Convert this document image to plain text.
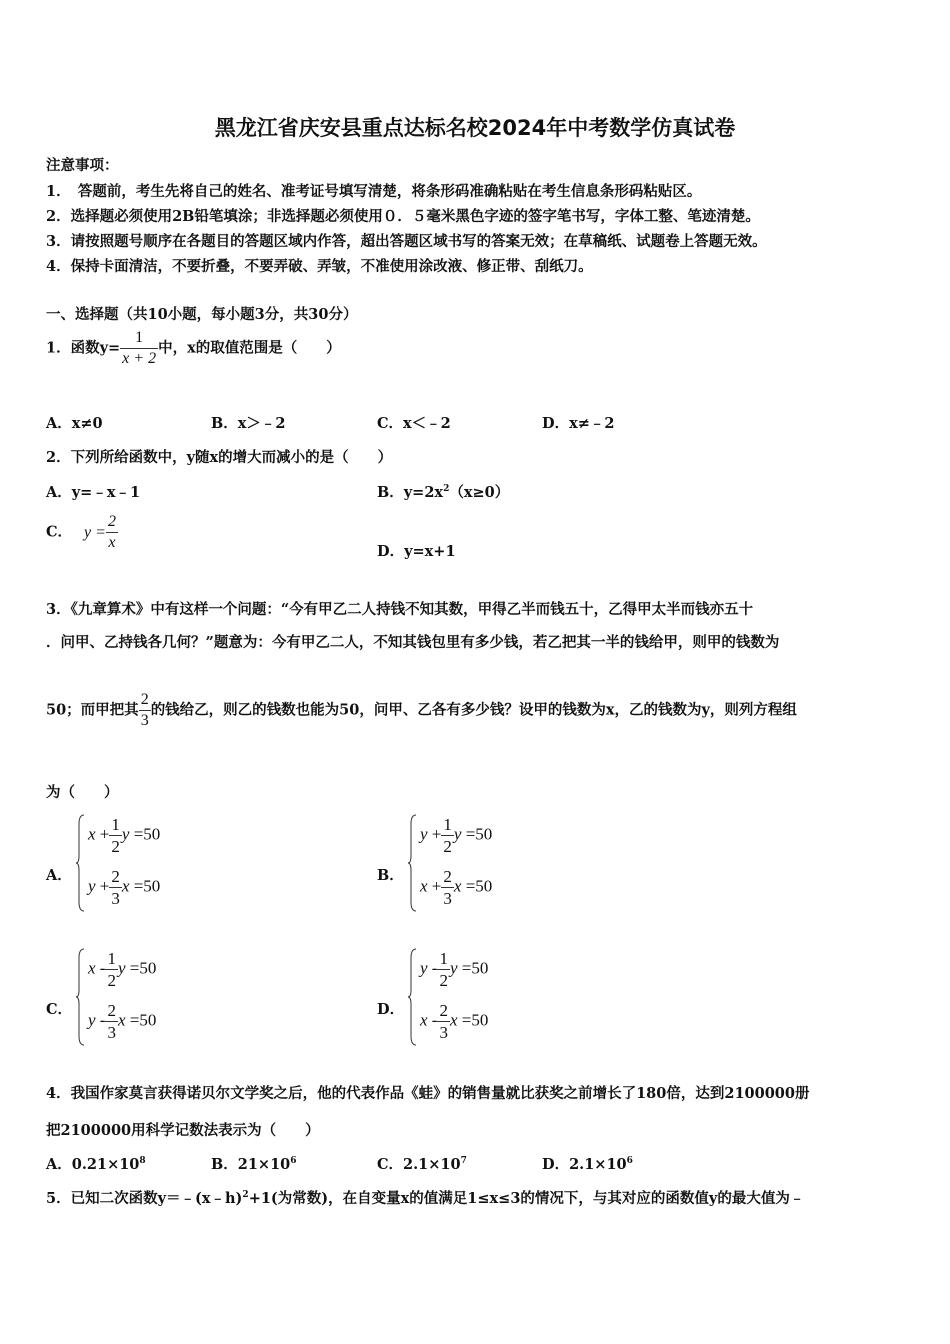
黑龙江省庆安县重点达标名校2024年中考数学仿真试卷
注意事项：
1．　答题前，考生先将自己的姓名、准考证号填写清楚，将条形码准确粘贴在考生信息条形码粘贴区。
2．选择题必须使用2B铅笔填涂；非选择题必须使用０．５毫米黑色字迹的签字笔书写，字体工整、笔迹清楚。
3．请按照题号顺序在各题目的答题区域内作答，超出答题区域书写的答案无效；在草稿纸、试题卷上答题无效。
4．保持卡面清洁，不要折叠，不要弄破、弄皱，不准使用涂改液、修正带、刮纸刀。
一、选择题（共10小题，每小题3分，共30分）
1．函数$y= \frac{1}{x + 2}$ 中，x的取值范围是（　　）
A．x≠0	B．x＞﹣2	C．x＜﹣2	D．x≠﹣2
2．下列所给函数中，y随x的增大而减小的是（　　）
A．y=﹣x﹣1	B．$y=2x^2(x\ge 0)$
C． $y = \frac{2}{x}$	D．y=x+1
3．《九章算术》中有这样一个问题：“今有甲乙二人持钱不知其数，甲得乙半而钱五十，乙得甲太半而钱亦五十
．问甲、乙持钱各几何？”题意为：今有甲乙二人，不知其钱包里有多少钱，若乙把其一半的钱给甲，则甲的钱数为
50；而甲把其 $\frac{2}{3}$ 的钱给乙，则乙的钱数也能为50，问甲、乙各有多少钱？设甲的钱数为x，乙的钱数为y，则列方程组
为（　　）
A．
$x + \frac{1}{2}$ y =50
$y + \frac{2}{3}$ x =50
B．
$y + \frac{1}{2}$ y =50
$x + \frac{2}{3}$ x =50
C．
x - $\frac{1}{2}$ y =50
y - $\frac{2}{3}$ x =50
D．
y - $\frac{1}{2}$ y =50
x - $\frac{2}{3}$ x =50
4．我国作家莫言获得诺贝尔文学奖之后，他的代表作品《蛙》的销售量就比获奖之前增长了180倍，达到2100000册
把2100000用科学记数法表示为（　　）
A．$0.21\times 10^8$	B．$21\times 10^6$	C．$2.1\times 10^7$	D．$2.1\times 10^6$
5．已知二次函数y＝﹣(x﹣h)$^2$+1(为常数)，在自变量x的值满足1≤x≤3的情况下，与其对应的函数值y的最大值为﹣
